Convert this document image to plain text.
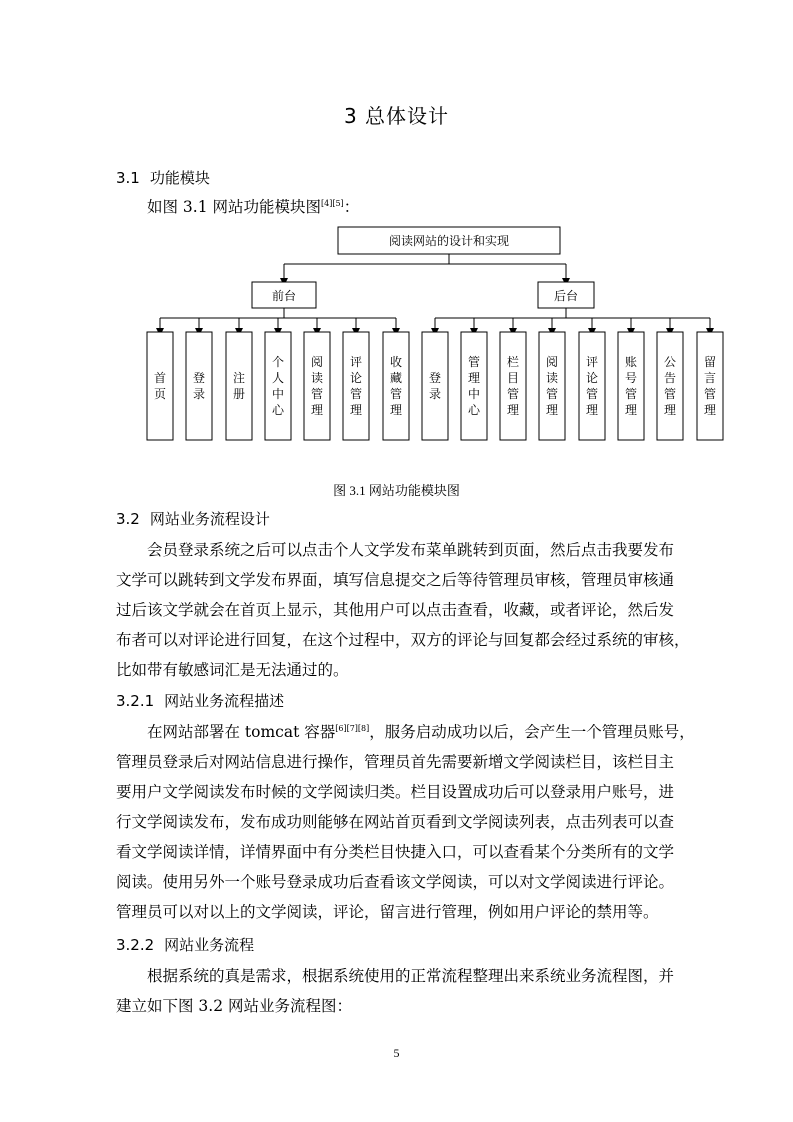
3 总体设计
3.1 功能模块
如图 3.1 网站功能模块图[4][5]：
阅读网站的设计和实现
前台	后台
首页
登录
注册
个人中心
阅读管理
评论管理
收藏管理
登录
管理中心
栏目管理
阅读管理
评论管理
账号管理
公告管理
留言管理
图 3.1 网站功能模块图
3.2 网站业务流程设计
会员登录系统之后可以点击个人文学发布菜单跳转到页面，然后点击我要发布
文学可以跳转到文学发布界面，填写信息提交之后等待管理员审核，管理员审核通
过后该文学就会在首页上显示，其他用户可以点击查看，收藏，或者评论，然后发
布者可以对评论进行回复，在这个过程中，双方的评论与回复都会经过系统的审核，
比如带有敏感词汇是无法通过的。
3.2.1 网站业务流程描述
在网站部署在 tomcat 容器[6][7][8]，服务启动成功以后，会产生一个管理员账号，
管理员登录后对网站信息进行操作，管理员首先需要新增文学阅读栏目，该栏目主
要用户文学阅读发布时候的文学阅读归类。栏目设置成功后可以登录用户账号，进
行文学阅读发布，发布成功则能够在网站首页看到文学阅读列表，点击列表可以查
看文学阅读详情，详情界面中有分类栏目快捷入口，可以查看某个分类所有的文学
阅读。使用另外一个账号登录成功后查看该文学阅读，可以对文学阅读进行评论。
管理员可以对以上的文学阅读，评论，留言进行管理，例如用户评论的禁用等。
3.2.2 网站业务流程
根据系统的真是需求，根据系统使用的正常流程整理出来系统业务流程图，并
建立如下图 3.2 网站业务流程图：
5
